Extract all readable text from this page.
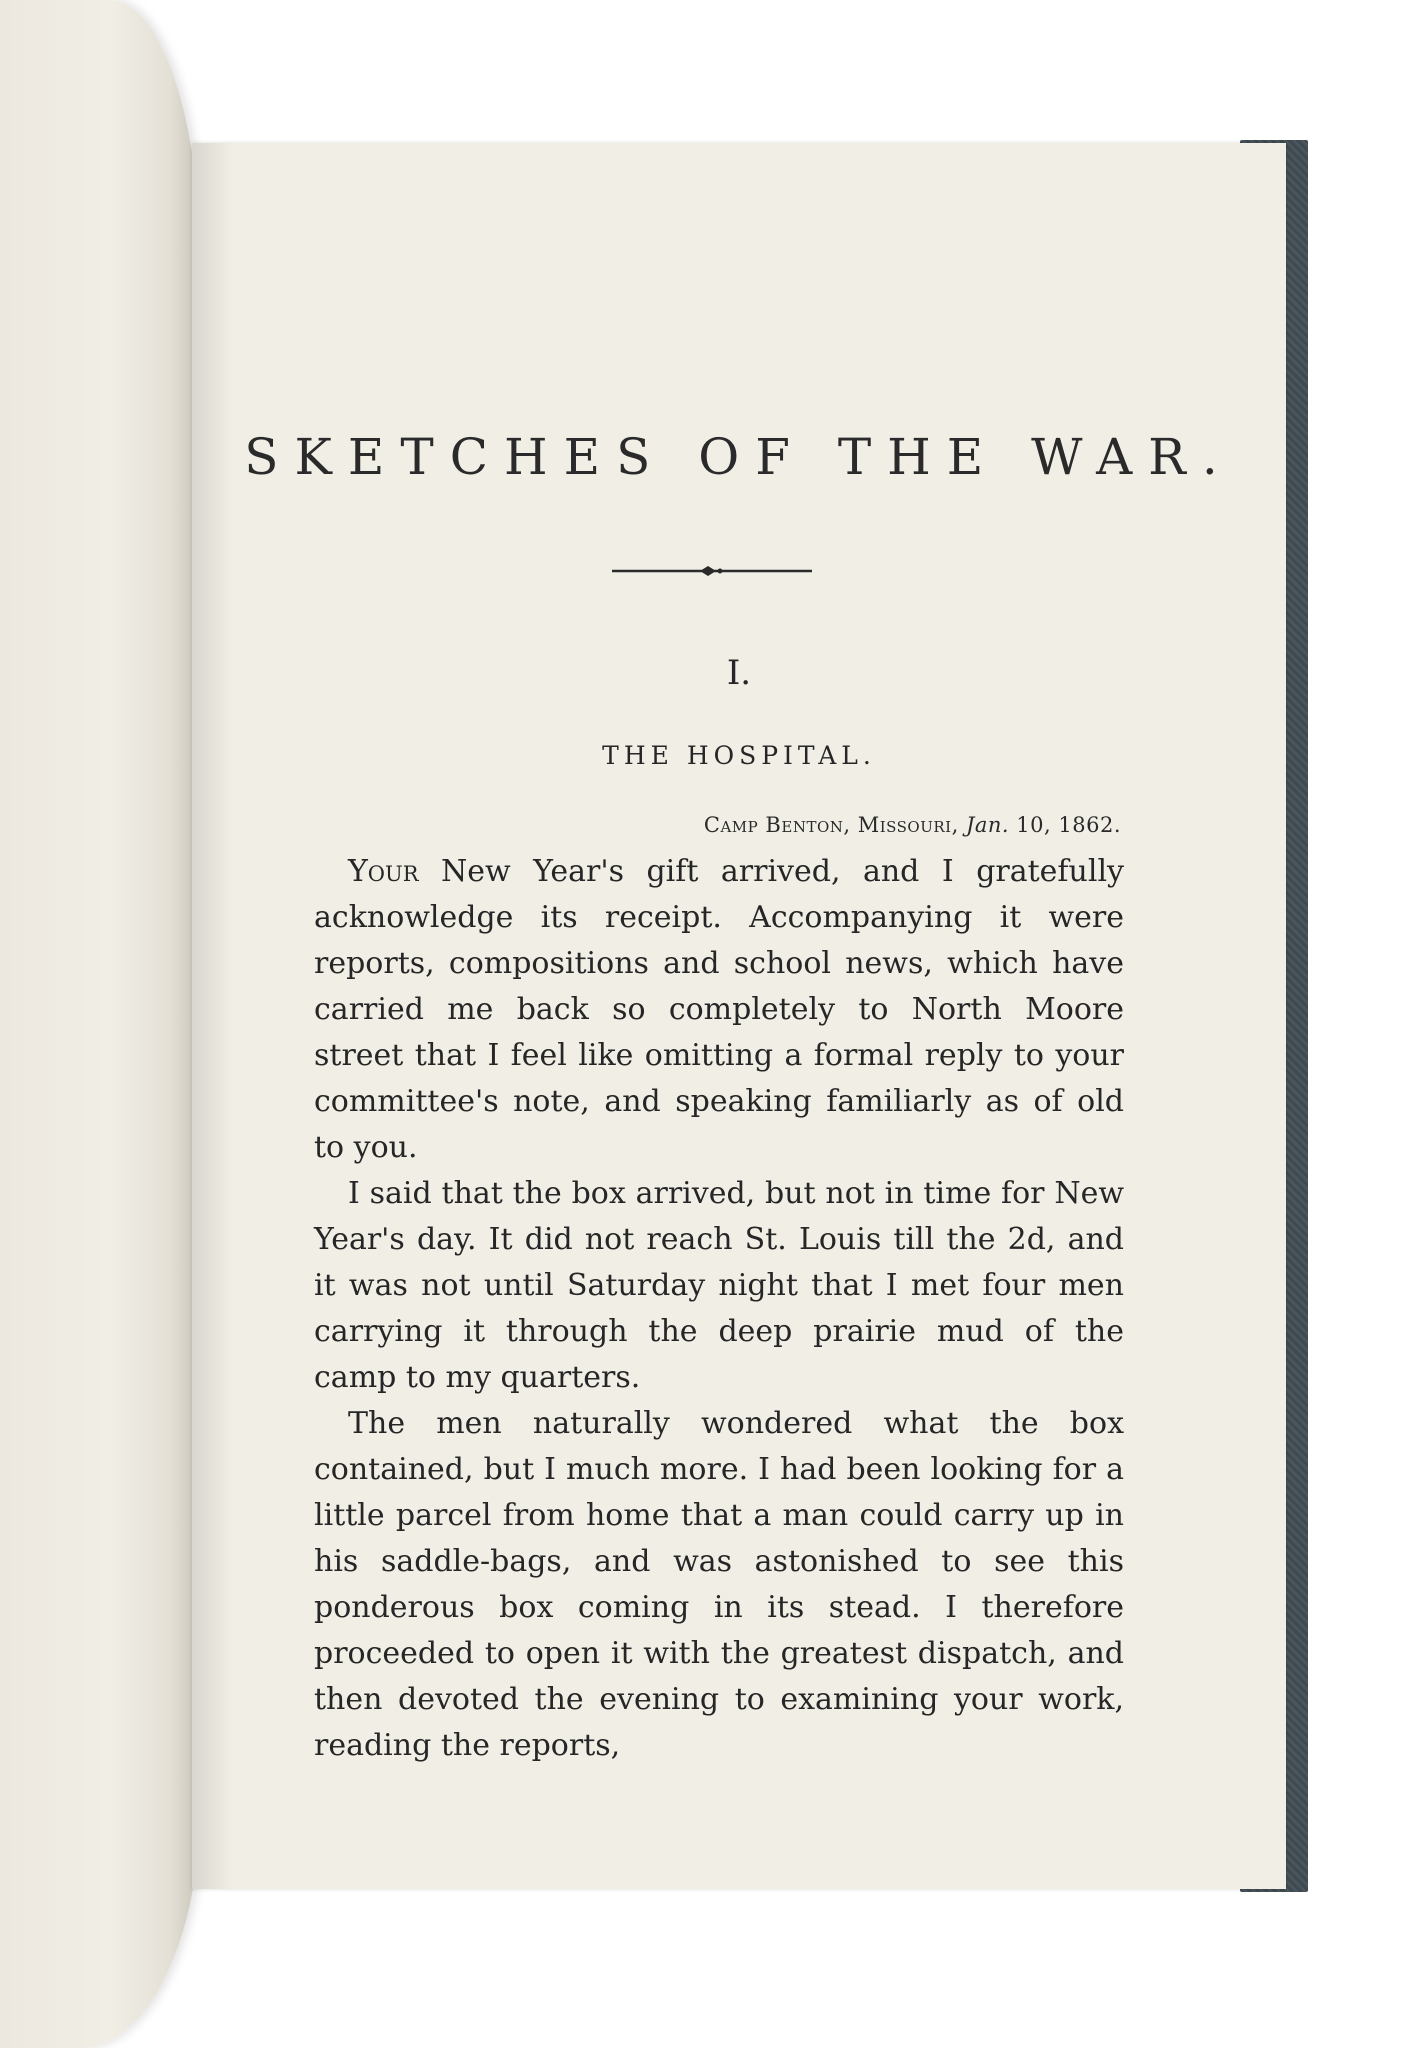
SKETCHES OF THE WAR.
I.
THE HOSPITAL.
Camp Benton, Missouri, Jan. 10, 1862.

Your New Year's gift arrived, and I gratefully acknowledge its receipt. Accompanying it were reports, compositions and school news, which have carried me back so completely to North Moore street that I feel like omitting a formal reply to your committee's note, and speaking familiarly as of old to you.

I said that the box arrived, but not in time for New Year's day. It did not reach St. Louis till the 2d, and it was not until Saturday night that I met four men carrying it through the deep prairie mud of the camp to my quarters.

The men naturally wondered what the box contained, but I much more. I had been looking for a little parcel from home that a man could carry up in his saddle-bags, and was astonished to see this ponderous box coming in its stead. I therefore proceeded to open it with the greatest dispatch, and then devoted the evening to examining your work, reading the reports,
